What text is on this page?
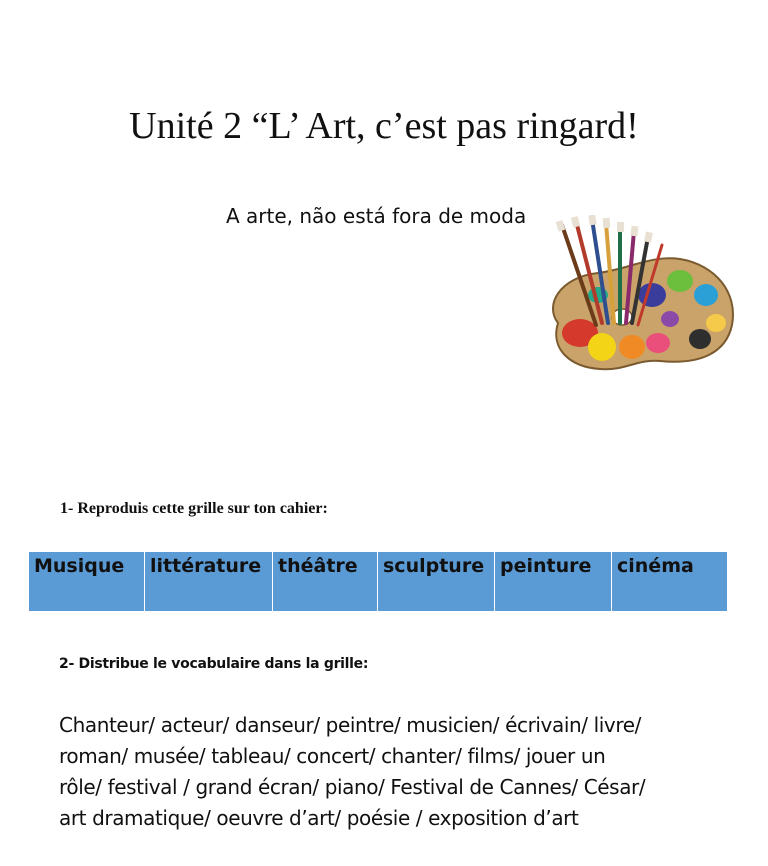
Unité 2 “L’ Art, c’est pas ringard!
A arte, não está fora de moda
1- Reproduis cette grille sur ton cahier:
Musique	littérature	théâtre	sculpture	peinture	cinéma
2- Distribue le vocabulaire dans la grille:
Chanteur/ acteur/ danseur/ peintre/ musicien/ écrivain/ livre/
roman/ musée/ tableau/ concert/ chanter/ films/ jouer un
rôle/ festival / grand écran/ piano/ Festival de Cannes/ César/
art dramatique/ oeuvre d’art/ poésie / exposition d’art
